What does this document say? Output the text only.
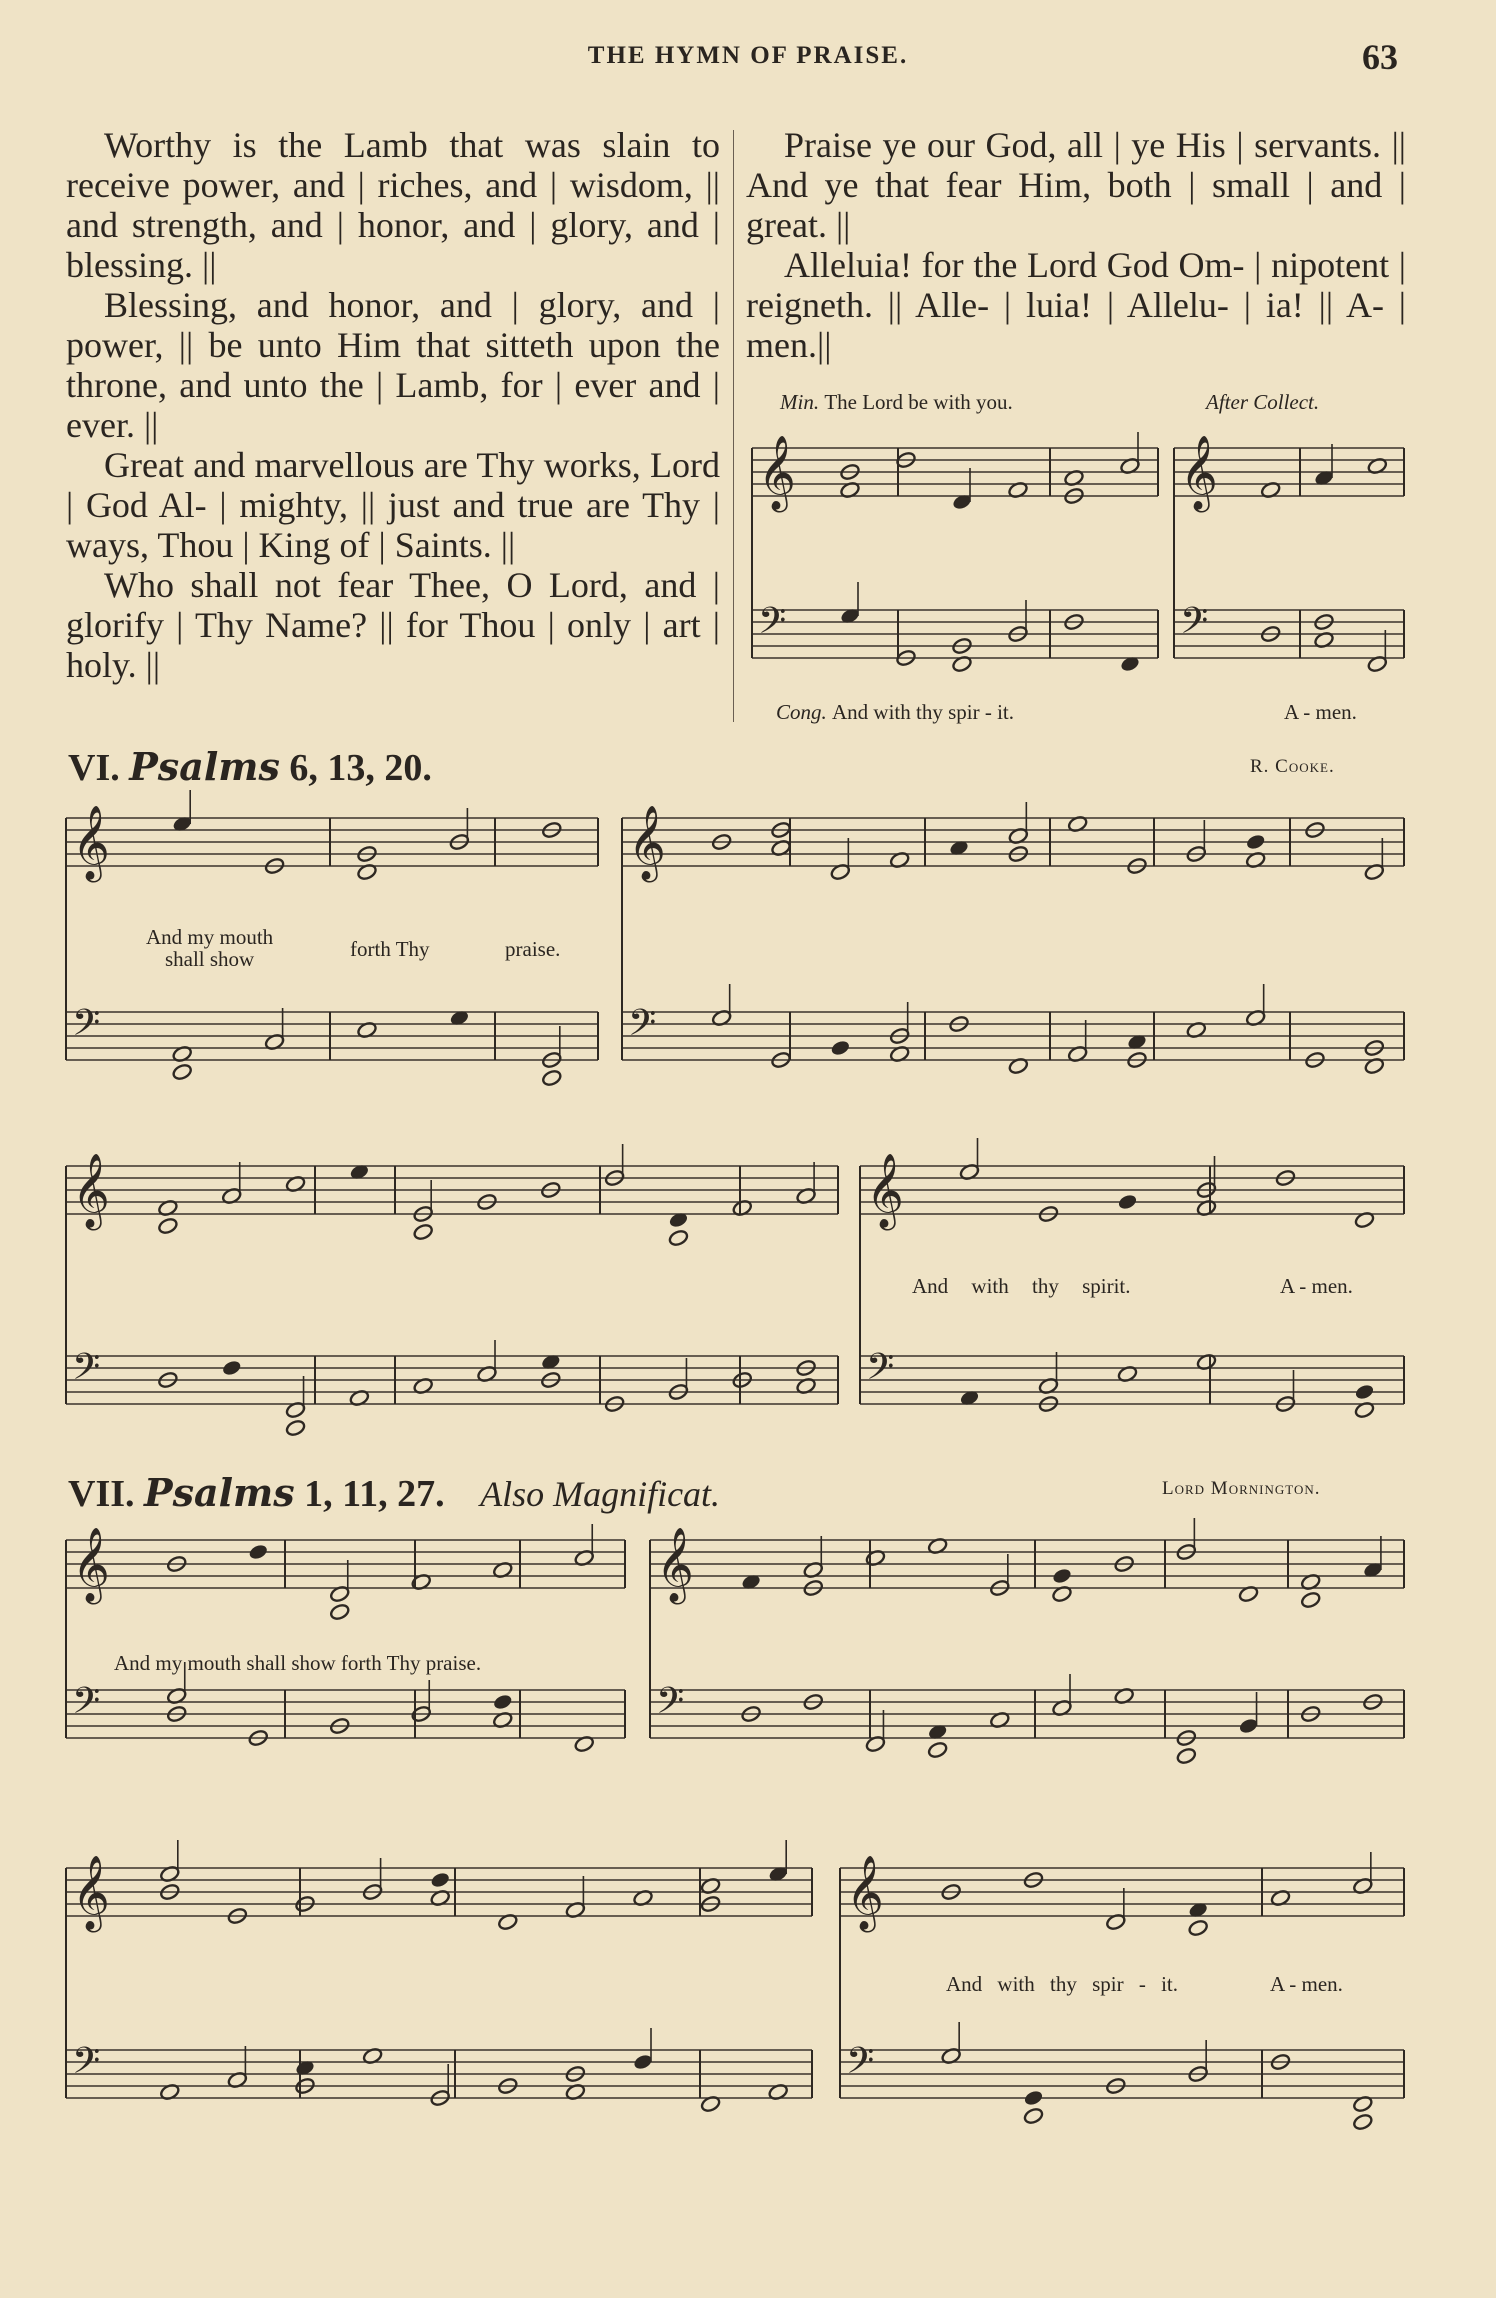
THE HYMN OF PRAISE.	63

Worthy is the Lamb that was slain to receive power, and | riches, and | wisdom, || and strength, and | honor, and | glory, and | blessing. ||

Blessing, and honor, and | glory, and | power, || be unto Him that sitteth upon the throne, and unto the | Lamb, for | ever and | ever. ||

Great and marvellous are Thy works, Lord | God Al- | mighty, || just and true are Thy | ways, Thou | King of | Saints. ||

Who shall not fear Thee, O Lord, and | glorify | Thy Name? || for Thou | only | art | holy. ||

Praise ye our God, all | ye His | servants. || And ye that fear Him, both | small | and | great. ||

Alleluia! for the Lord God Om- | nipotent | reigneth. || Alle- | luia! | Allelu- | ia! || A- | men.||

Min. The Lord be with you.	After Collect.
Cong. And with thy spir - it.	A - men.
VI. Psalms 6, 13, 20.	R. Cooke.
And my mouth
shall show	forth Thy	praise.
And with thy spirit.	A - men.
VII. Psalms 1, 11, 27. Also Magnificat.	Lord Mornington.
And my mouth shall show forth Thy praise.
And with thy spir - it.	A - men.
𝄞
𝄢
𝄞
𝄢
𝄞
𝄢
𝄞
𝄢
𝄞
𝄢
𝄞
𝄢
𝄞
𝄢
𝄞
𝄢
𝄞
𝄢
𝄞
𝄢
